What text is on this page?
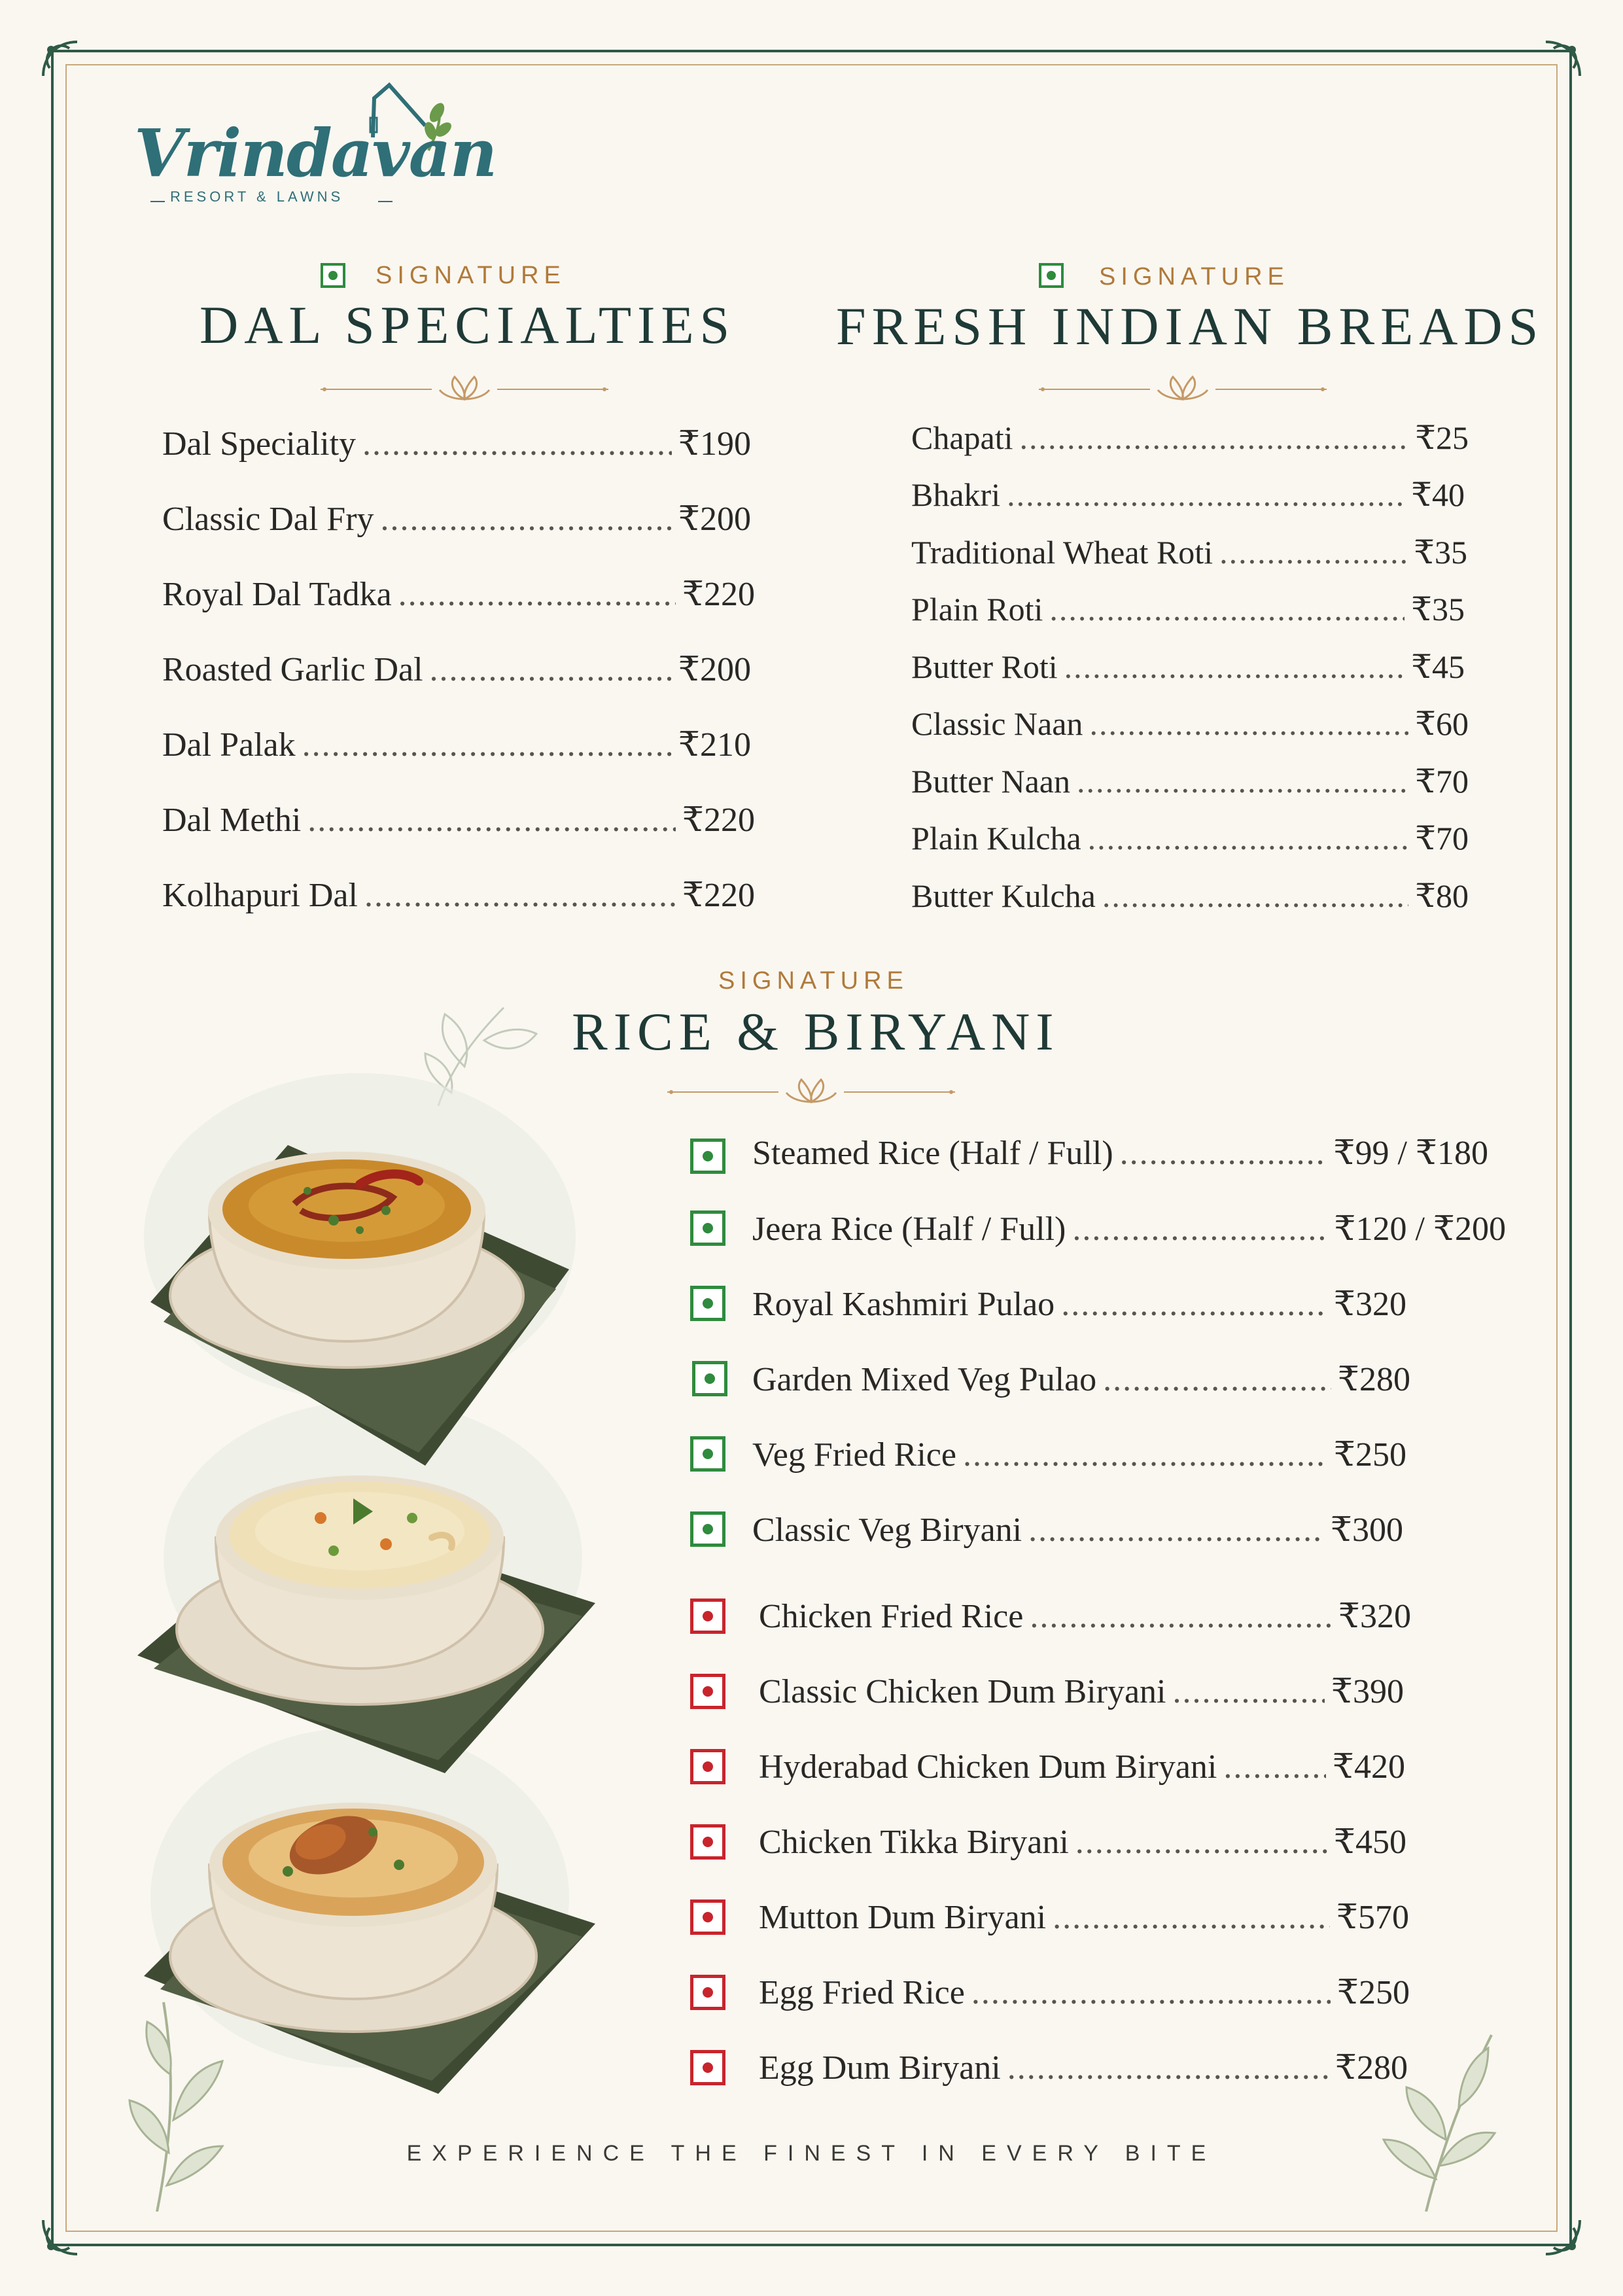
Vrindavan
RESORT & LAWNS
SIGNATURE
DAL SPECIALTIES
Dal Speciality .....	₹190
Classic Dal Fry .....	₹200
Royal Dal Tadka .....	₹220
Roasted Garlic Dal .....	₹200
Dal Palak .....	₹210
Dal Methi .....	₹220
Kolhapuri Dal .....	₹220
SIGNATURE
FRESH INDIAN BREADS
Chapati .....	₹25
Bhakri .....	₹40
Traditional Wheat Roti .....	₹35
Plain Roti .....	₹35
Butter Roti .....	₹45
Classic Naan .....	₹60
Butter Naan .....	₹70
Plain Kulcha .....	₹70
Butter Kulcha .....	₹80
SIGNATURE
RICE & BIRYANI
Steamed Rice (Half / Full) .....	₹99 / ₹180
Jeera Rice (Half / Full) .....	₹120 / ₹200
Royal Kashmiri Pulao .....	₹320
Garden Mixed Veg Pulao .....	₹280
Veg Fried Rice .....	₹250
Classic Veg Biryani .....	₹300
Chicken Fried Rice .....	₹320
Classic Chicken Dum Biryani .....	₹390
Hyderabad Chicken Dum Biryani .....	₹420
Chicken Tikka Biryani .....	₹450
Mutton Dum Biryani .....	₹570
Egg Fried Rice .....	₹250
Egg Dum Biryani .....	₹280
EXPERIENCE THE FINEST IN EVERY BITE
